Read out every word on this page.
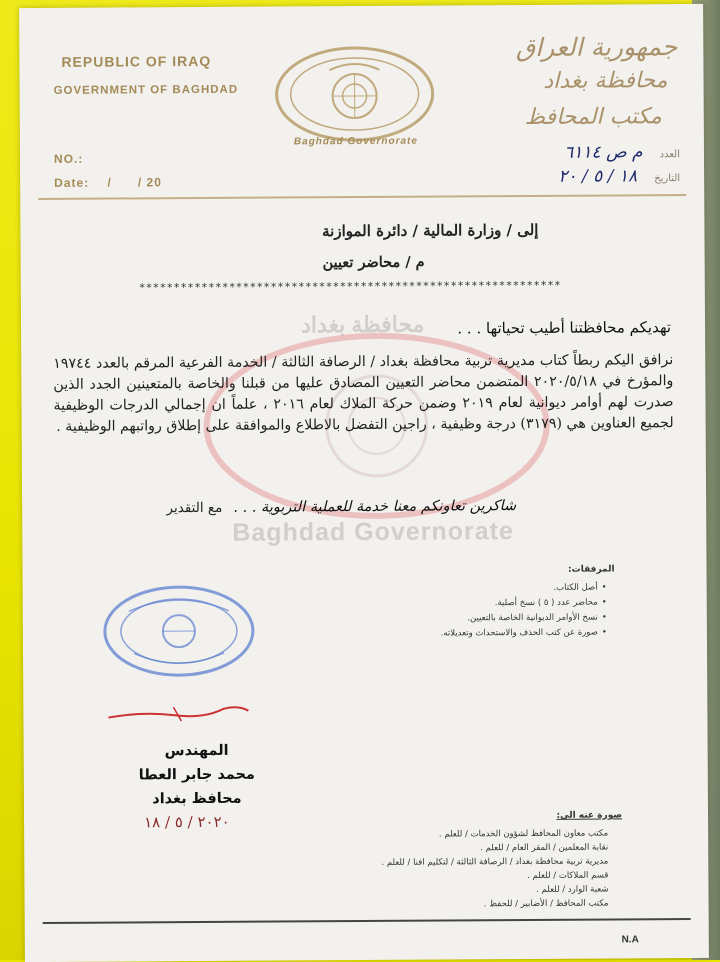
REPUBLIC OF IRAQ
GOVERNMENT OF BAGHDAD
NO.:
Date: /      / 20
Baghdad Governorate
جمهورية العراق
محافظة بغداد
مكتب المحافظ
العدد م ص ٦١١٤
التاريخ ١٨ / ٥ / ٢٠
محافظة بغداد
Baghdad Governorate
إلى / وزارة المالية / دائرة الموازنة
م / محاضر تعيين
*************************************************************
تهديكم محافظتنا أطيب تحياتها . . .
نرافق اليكم ربطاً كتاب مديرية تربية محافظة بغداد / الرصافة الثالثة / الخدمة الفرعية المرقم بالعدد ١٩٧٤٤ والمؤرخ في ٢٠٢٠/٥/١٨ المتضمن محاضر التعيين المصادق عليها من قبلنا والخاصة بالمتعينين الجدد الذين صدرت لهم أوامر ديوانية لعام ٢٠١٩ وضمن حركة الملاك لعام ٢٠١٦ ، علماً ان إجمالي الدرجات الوظيفية لجميع العناوين هي (٣١٧٩) درجة وظيفية ، راجين التفضل بالاطلاع والموافقة على إطلاق رواتبهم الوظيفية .
شاكرين تعاونكم معنا خدمة للعملية التربوية . . . مع التقدير
المرفقات:
• أصل الكتاب.
• محاضر عدد ( ٥ ) نسخ أصلية.
• نسخ الأوامر الديوانية الخاصة بالتعيين.
• صورة عن كتب الحذف والاستحداث وتعديلاته.
المهندس
محمد جابر العطا
محافظ بغداد
٢٠٢٠ / ٥ / ١٨	صورة عنه الى:
مكتب معاون المحافظ لشؤون الخدمات / للعلم .
نقابة المعلمين / المقر العام / للعلم .
مديرية تربية محافظة بغداد / الرصافة الثالثة / لتكليم افنا / للعلم .
قسم الملاكات / للعلم .
شعبة الوارد / للعلم .
مكتب المحافظ / الأضابير / للحفظ .
N.A
